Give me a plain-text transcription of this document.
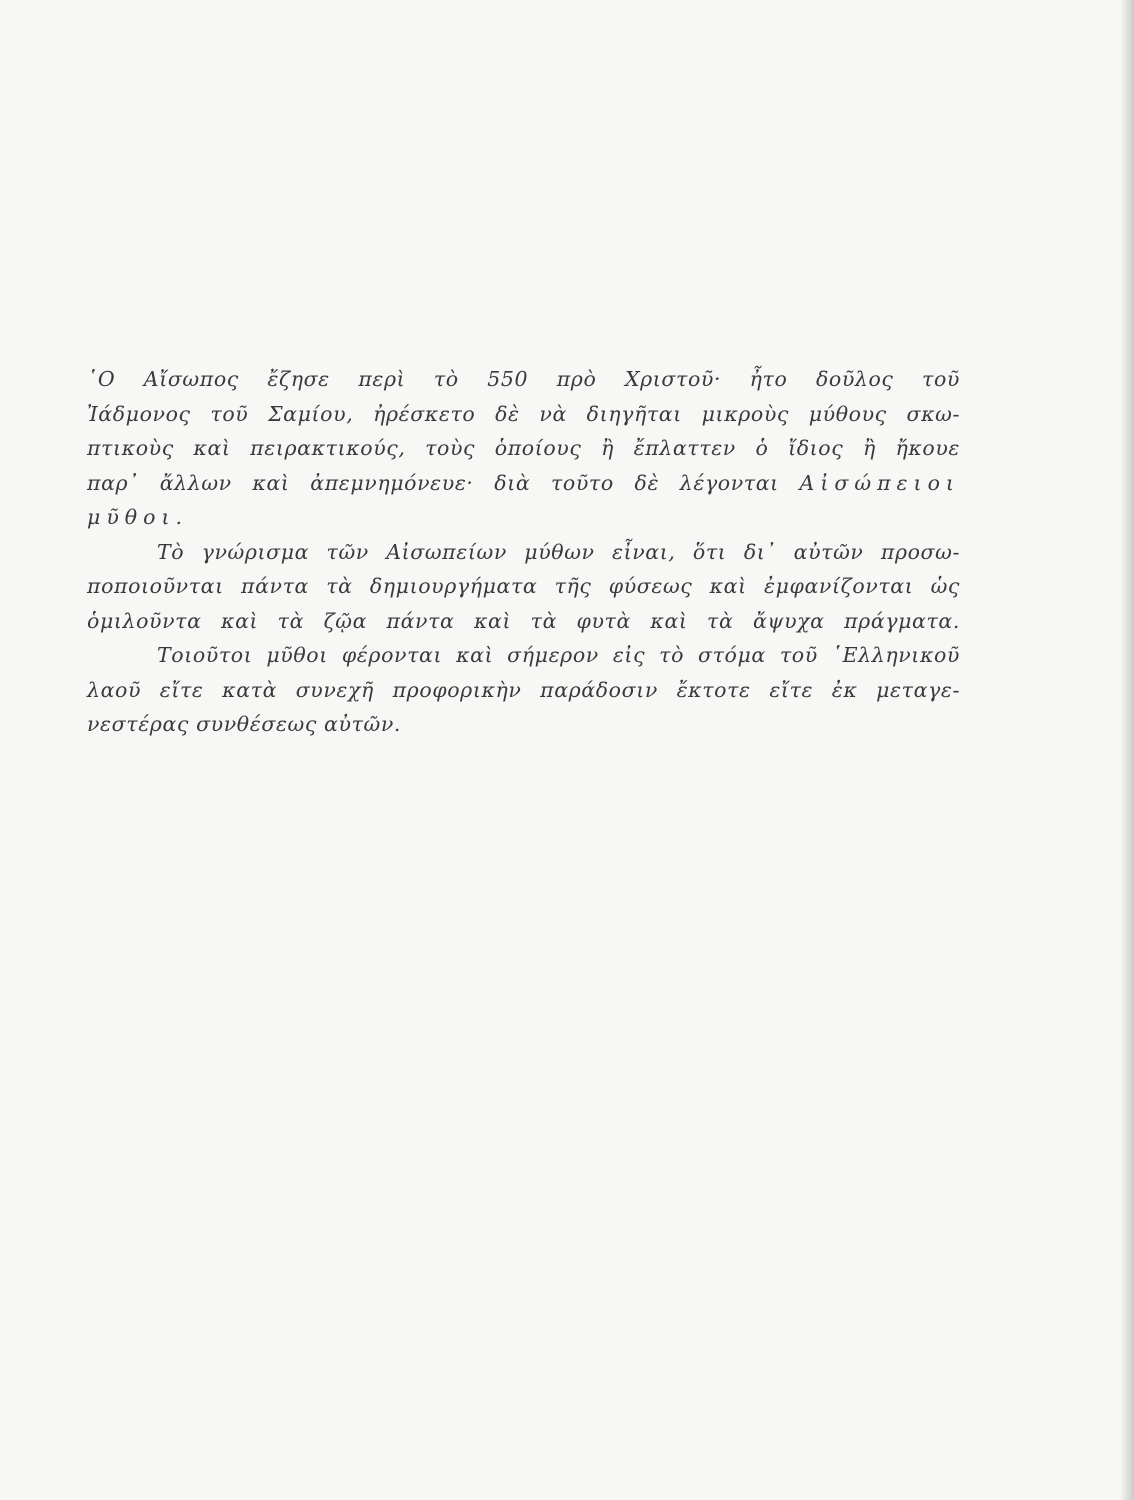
῾Ο Αἴσωπος ἔζησε περὶ τὸ 550 πρὸ Χριστοῦ· ἦτο δοῦλος τοῦ
Ἰάδμονος τοῦ Σαμίου, ἠρέσκετο δὲ νὰ διηγῆται μικροὺς μύθους σκω-
πτικοὺς καὶ πειρακτικούς, τοὺς ὁποίους ἢ ἔπλαττεν ὁ ἴδιος ἢ ἤκουε
παρ᾽ ἄλλων καὶ ἀπεμνημόνευε· διὰ τοῦτο δὲ λέγονται Αἰσώπειοι
μῦθοι.
Τὸ γνώρισμα τῶν Αἰσωπείων μύθων εἶναι, ὅτι δι᾽ αὐτῶν προσω-
ποποιοῦνται πάντα τὰ δημιουργήματα τῆς φύσεως καὶ ἐμφανίζονται ὡς
ὁμιλοῦντα καὶ τὰ ζῷα πάντα καὶ τὰ φυτὰ καὶ τὰ ἄψυχα πράγματα.
Τοιοῦτοι μῦθοι φέρονται καὶ σήμερον εἰς τὸ στόμα τοῦ ῾Ελληνικοῦ
λαοῦ εἴτε κατὰ συνεχῆ προφορικὴν παράδοσιν ἔκτοτε εἴτε ἐκ μεταγε-
νεστέρας συνθέσεως αὐτῶν.
